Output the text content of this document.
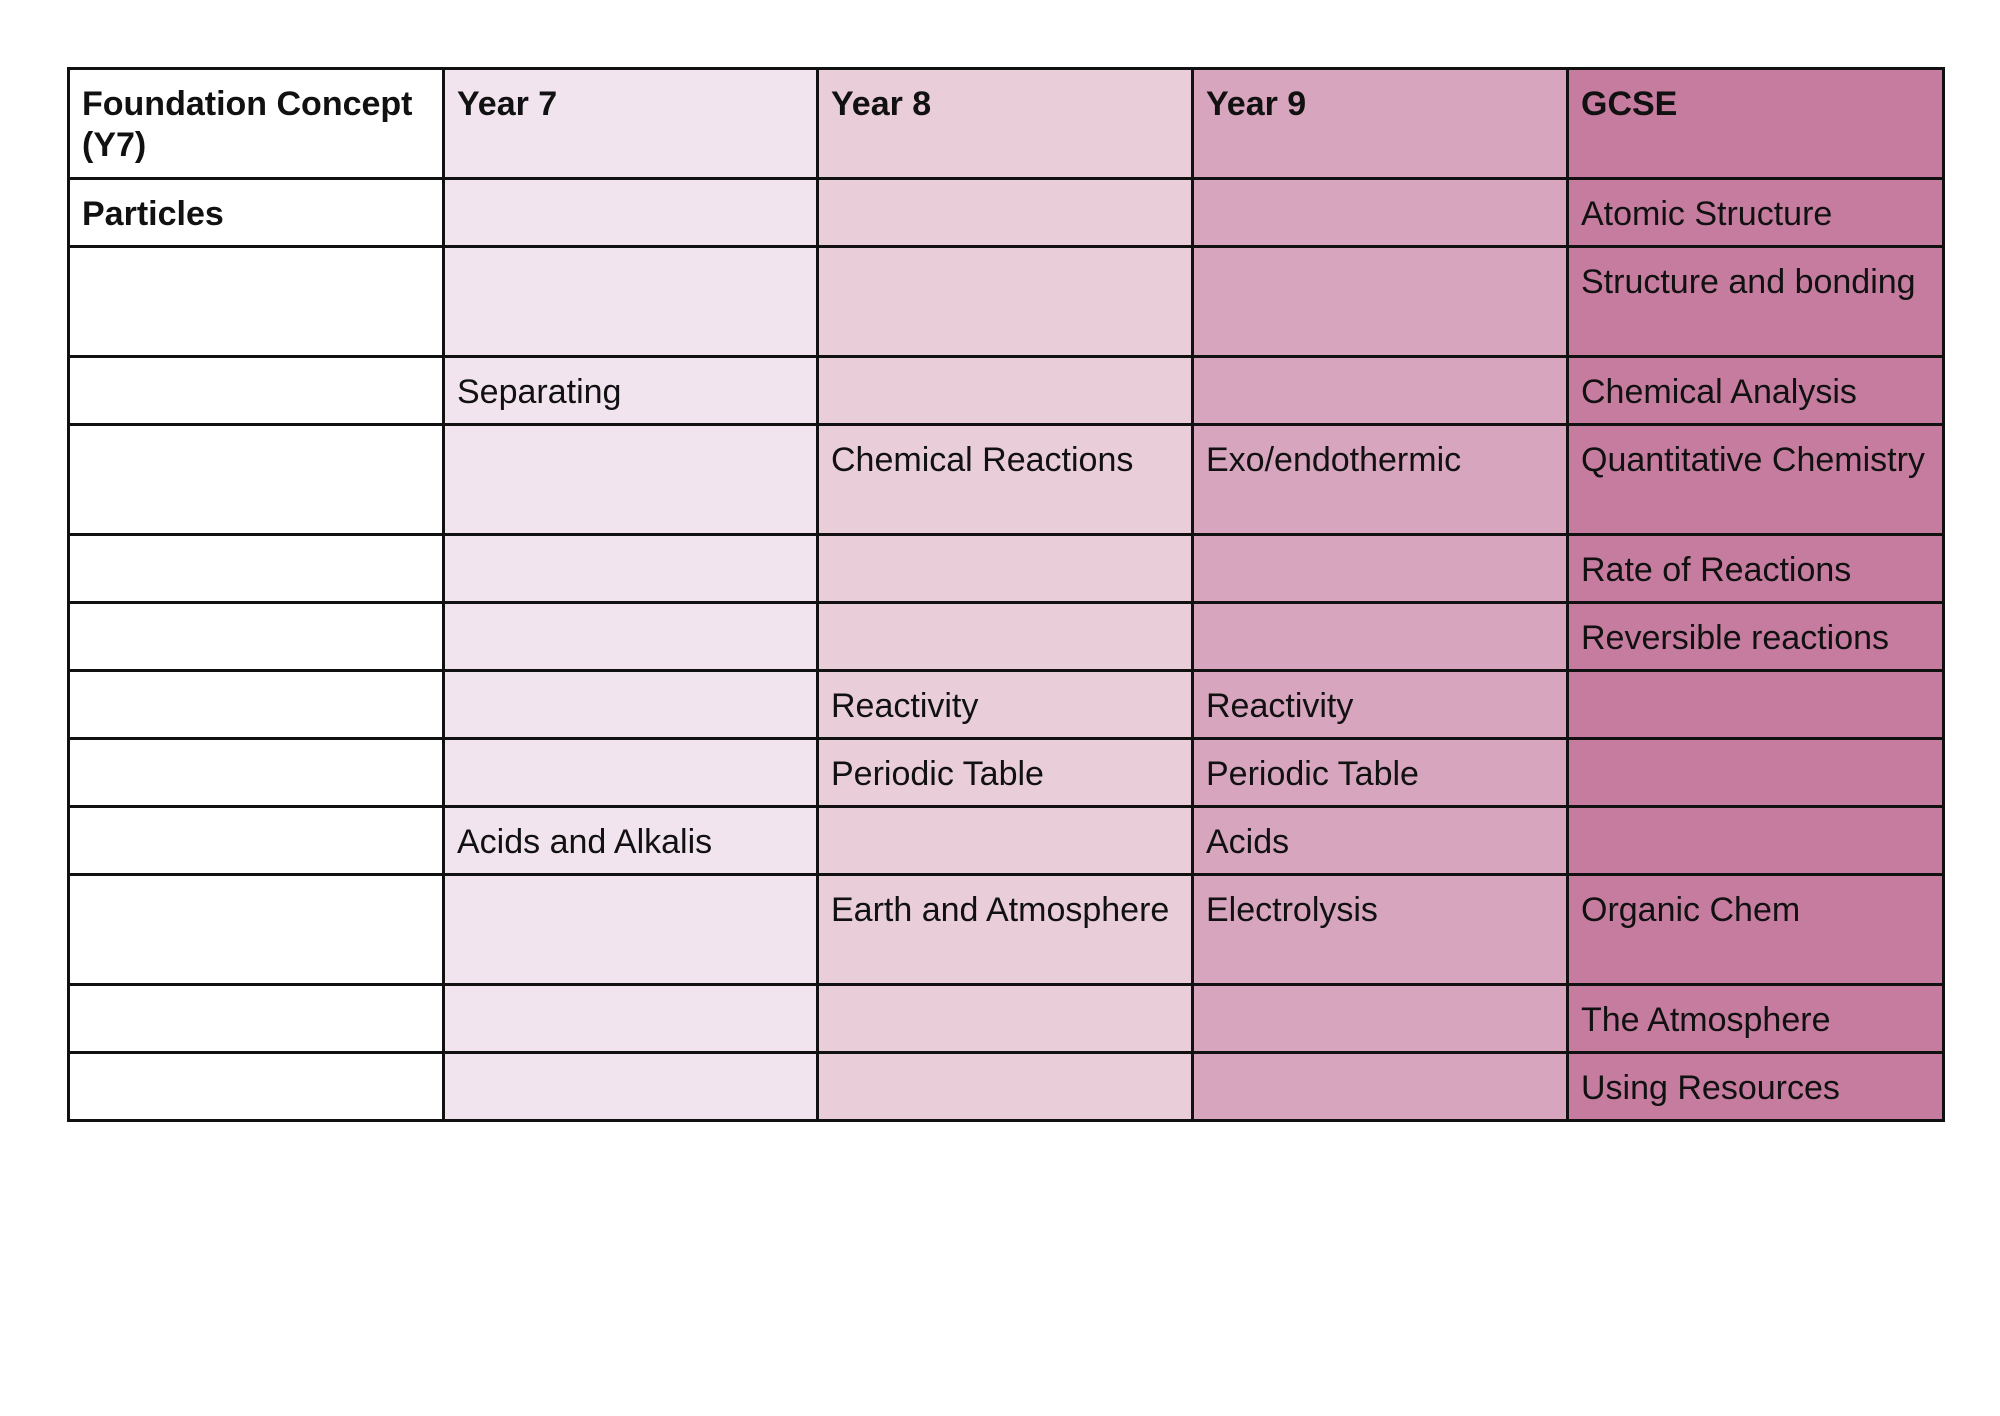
Foundation Concept (Y7)	Year 7	Year 8	Year 9	GCSE
Particles				Atomic Structure
				Structure and bonding
	Separating			Chemical Analysis
		Chemical Reactions	Exo/endothermic	Quantitative Chemistry
				Rate of Reactions
				Reversible reactions
		Reactivity	Reactivity	
		Periodic Table	Periodic Table	
	Acids and Alkalis		Acids	
		Earth and Atmosphere	Electrolysis	Organic Chem
				The Atmosphere
				Using Resources
